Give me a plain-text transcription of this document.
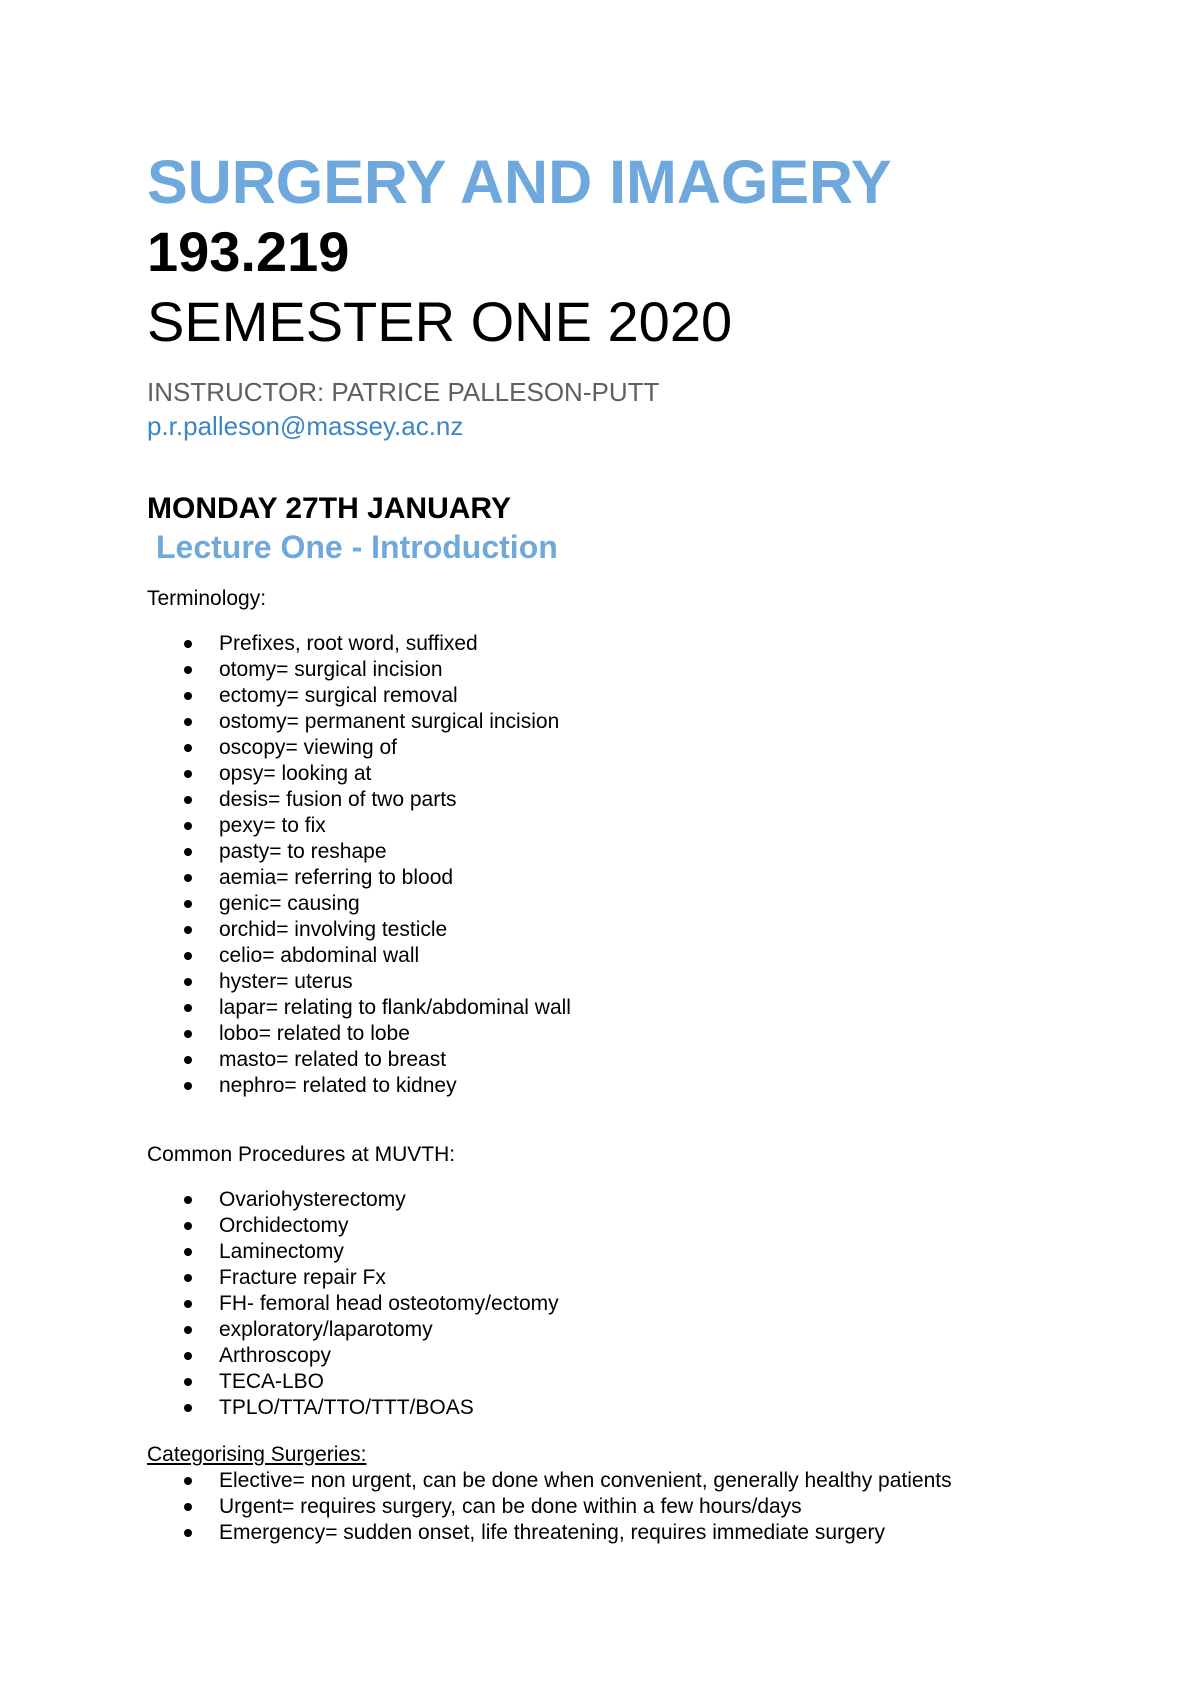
SURGERY AND IMAGERY
193.219
SEMESTER ONE 2020
INSTRUCTOR: PATRICE PALLESON-PUTT
p.r.palleson@massey.ac.nz
MONDAY 27TH JANUARY
Lecture One - Introduction
Terminology:
Prefixes, root word, suffixed
otomy= surgical incision
ectomy= surgical removal
ostomy= permanent surgical incision
oscopy= viewing of
opsy= looking at
desis= fusion of two parts
pexy= to fix
pasty= to reshape
aemia= referring to blood
genic= causing
orchid= involving testicle
celio= abdominal wall
hyster= uterus
lapar= relating to flank/abdominal wall
lobo= related to lobe
masto= related to breast
nephro= related to kidney
Common Procedures at MUVTH:
Ovariohysterectomy
Orchidectomy
Laminectomy
Fracture repair Fx
FH- femoral head osteotomy/ectomy
exploratory/laparotomy
Arthroscopy
TECA-LBO
TPLO/TTA/TTO/TTT/BOAS
Categorising Surgeries:
Elective= non urgent, can be done when convenient, generally healthy patients
Urgent= requires surgery, can be done within a few hours/days
Emergency= sudden onset, life threatening, requires immediate surgery
